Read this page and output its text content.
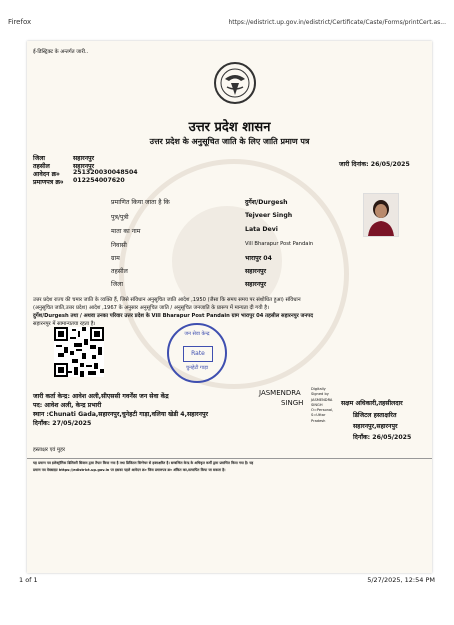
Firefox	https://edistrict.up.gov.in/edistrict/Certificate/Caste/Forms/printCert.as...
ई-डिस्ट्रिक्ट के अन्तर्गत जारी..
उत्तर प्रदेश शासन
उत्तर प्रदेश के अनुसूचित जाति के लिए जाति प्रमाण पत्र
जिला	सहारनपुर
तहसील	सहारनपुर
आवेदन क्र० 251320030048504
प्रमाणपत्र क्र० 012254007620
जारी दिनांक: 26/05/2025
प्रमाणित किया जाता है कि	दुर्गेश/Durgesh
पुत्र/पुत्री	Tejveer Singh
माता का नाम	Lata Devi
निवासी	Vill Bharapur Post Pandain
ग्राम	भारापुर 04
तहसील	सहारनपुर
जिला	सहारनपुर
उत्तर प्रदेश राज्य की चमार जाति के व्यक्ति हैं, जिसे संविधान अनुसूचित जाति आदेश ,1950 (जैसा कि समय समय पर संशोधित हुआ) संविधान
(अनुसूचित जाति,उत्तर प्रदेश) आदेश ,1967 के अनुसार अनुसूचित जाति / अनुसूचित जनजाति के प्रारूप में मान्यता दी गयी है।
दुर्गेश/Durgesh तथा / अथवा उनका परिवार उत्तर प्रदेश के Vill Bharapur Post Pandain ग्राम भारापुर 04 तहसील सहारनपुर जनपद
सहारनपुर में सामान्यतया रहता है।
जन सेवा केन्द्र
Rate
चुनहेटी गाड़ा
जारी कर्ता केन्द्र: आवेश अली,सीएससी गवर्नेंस जन सेवा केंद्र
पद: आवेश अली, केन्द्र प्रभारी
स्थान :Chunati Gada,सहारनपुर,चुनेहटी गाड़ा,वलिया खेडी 4,सहारनपुर
दिनाँक: 27/05/2025
JASMENDRA
SINGH
Digitally
Signed by
JASMENDRA
SINGH
O=Personal,
S=Uttar
Pradesh
सक्षम अधिकारी,तहसीलदार
डिजिटल हस्ताक्षरित
सहारनपुर,सहारनपुर
दिनाँक: 26/05/2025
हस्ताक्षर एवं मुहर
यह प्रमाण पत्र इलेक्ट्रॉनिक डिलिवरी सिस्टम द्वारा तैयार किया गया है तथा डिजिटल सिग्नेचर से हस्ताक्षरित है। सम्बन्धित केन्द्र के अधिकृत कर्मी द्वारा प्रमाणित किया गया है। यह
प्रमाण पत्र वेबसाइट https://edistrict.up.gov.in पर इसका पहले आवेदन क्र० जिस प्रमाणपत्र क्र० अंकित कर,सत्यापित किया जा सकता है।
1 of 1	5/27/2025, 12:54 PM
